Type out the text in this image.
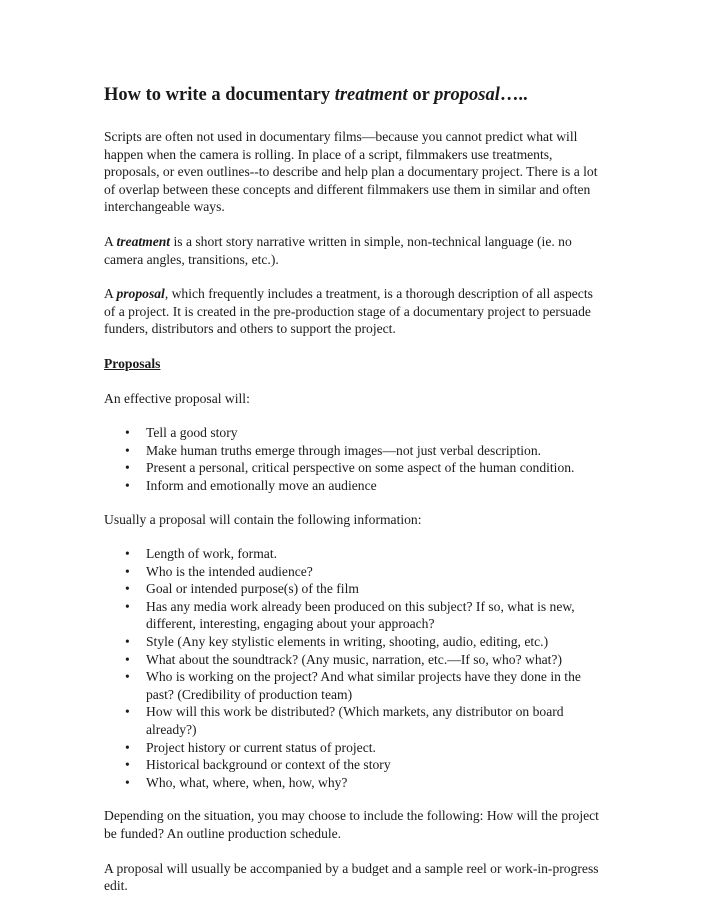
How to write a documentary treatment or proposal…..

Scripts are often not used in documentary films—because you cannot predict what will happen when the camera is rolling. In place of a script, filmmakers use treatments, proposals, or even outlines--to describe and help plan a documentary project. There is a lot of overlap between these concepts and different filmmakers use them in similar and often interchangeable ways.

A treatment is a short story narrative written in simple, non-technical language (ie. no camera angles, transitions, etc.).

A proposal, which frequently includes a treatment, is a thorough description of all aspects of a project. It is created in the pre-production stage of a documentary project to persuade funders, distributors and others to support the project.

Proposals

An effective proposal will:

• Tell a good story
• Make human truths emerge through images—not just verbal description.
• Present a personal, critical perspective on some aspect of the human condition.
• Inform and emotionally move an audience

Usually a proposal will contain the following information:

• Length of work, format.
• Who is the intended audience?
• Goal or intended purpose(s) of the film
• Has any media work already been produced on this subject? If so, what is new, different, interesting, engaging about your approach?
• Style (Any key stylistic elements in writing, shooting, audio, editing, etc.)
• What about the soundtrack? (Any music, narration, etc.—If so, who? what?)
• Who is working on the project? And what similar projects have they done in the past? (Credibility of production team)
• How will this work be distributed? (Which markets, any distributor on board already?)
• Project history or current status of project.
• Historical background or context of the story
• Who, what, where, when, how, why?

Depending on the situation, you may choose to include the following: How will the project be funded? An outline production schedule.

A proposal will usually be accompanied by a budget and a sample reel or work-in-progress edit.
